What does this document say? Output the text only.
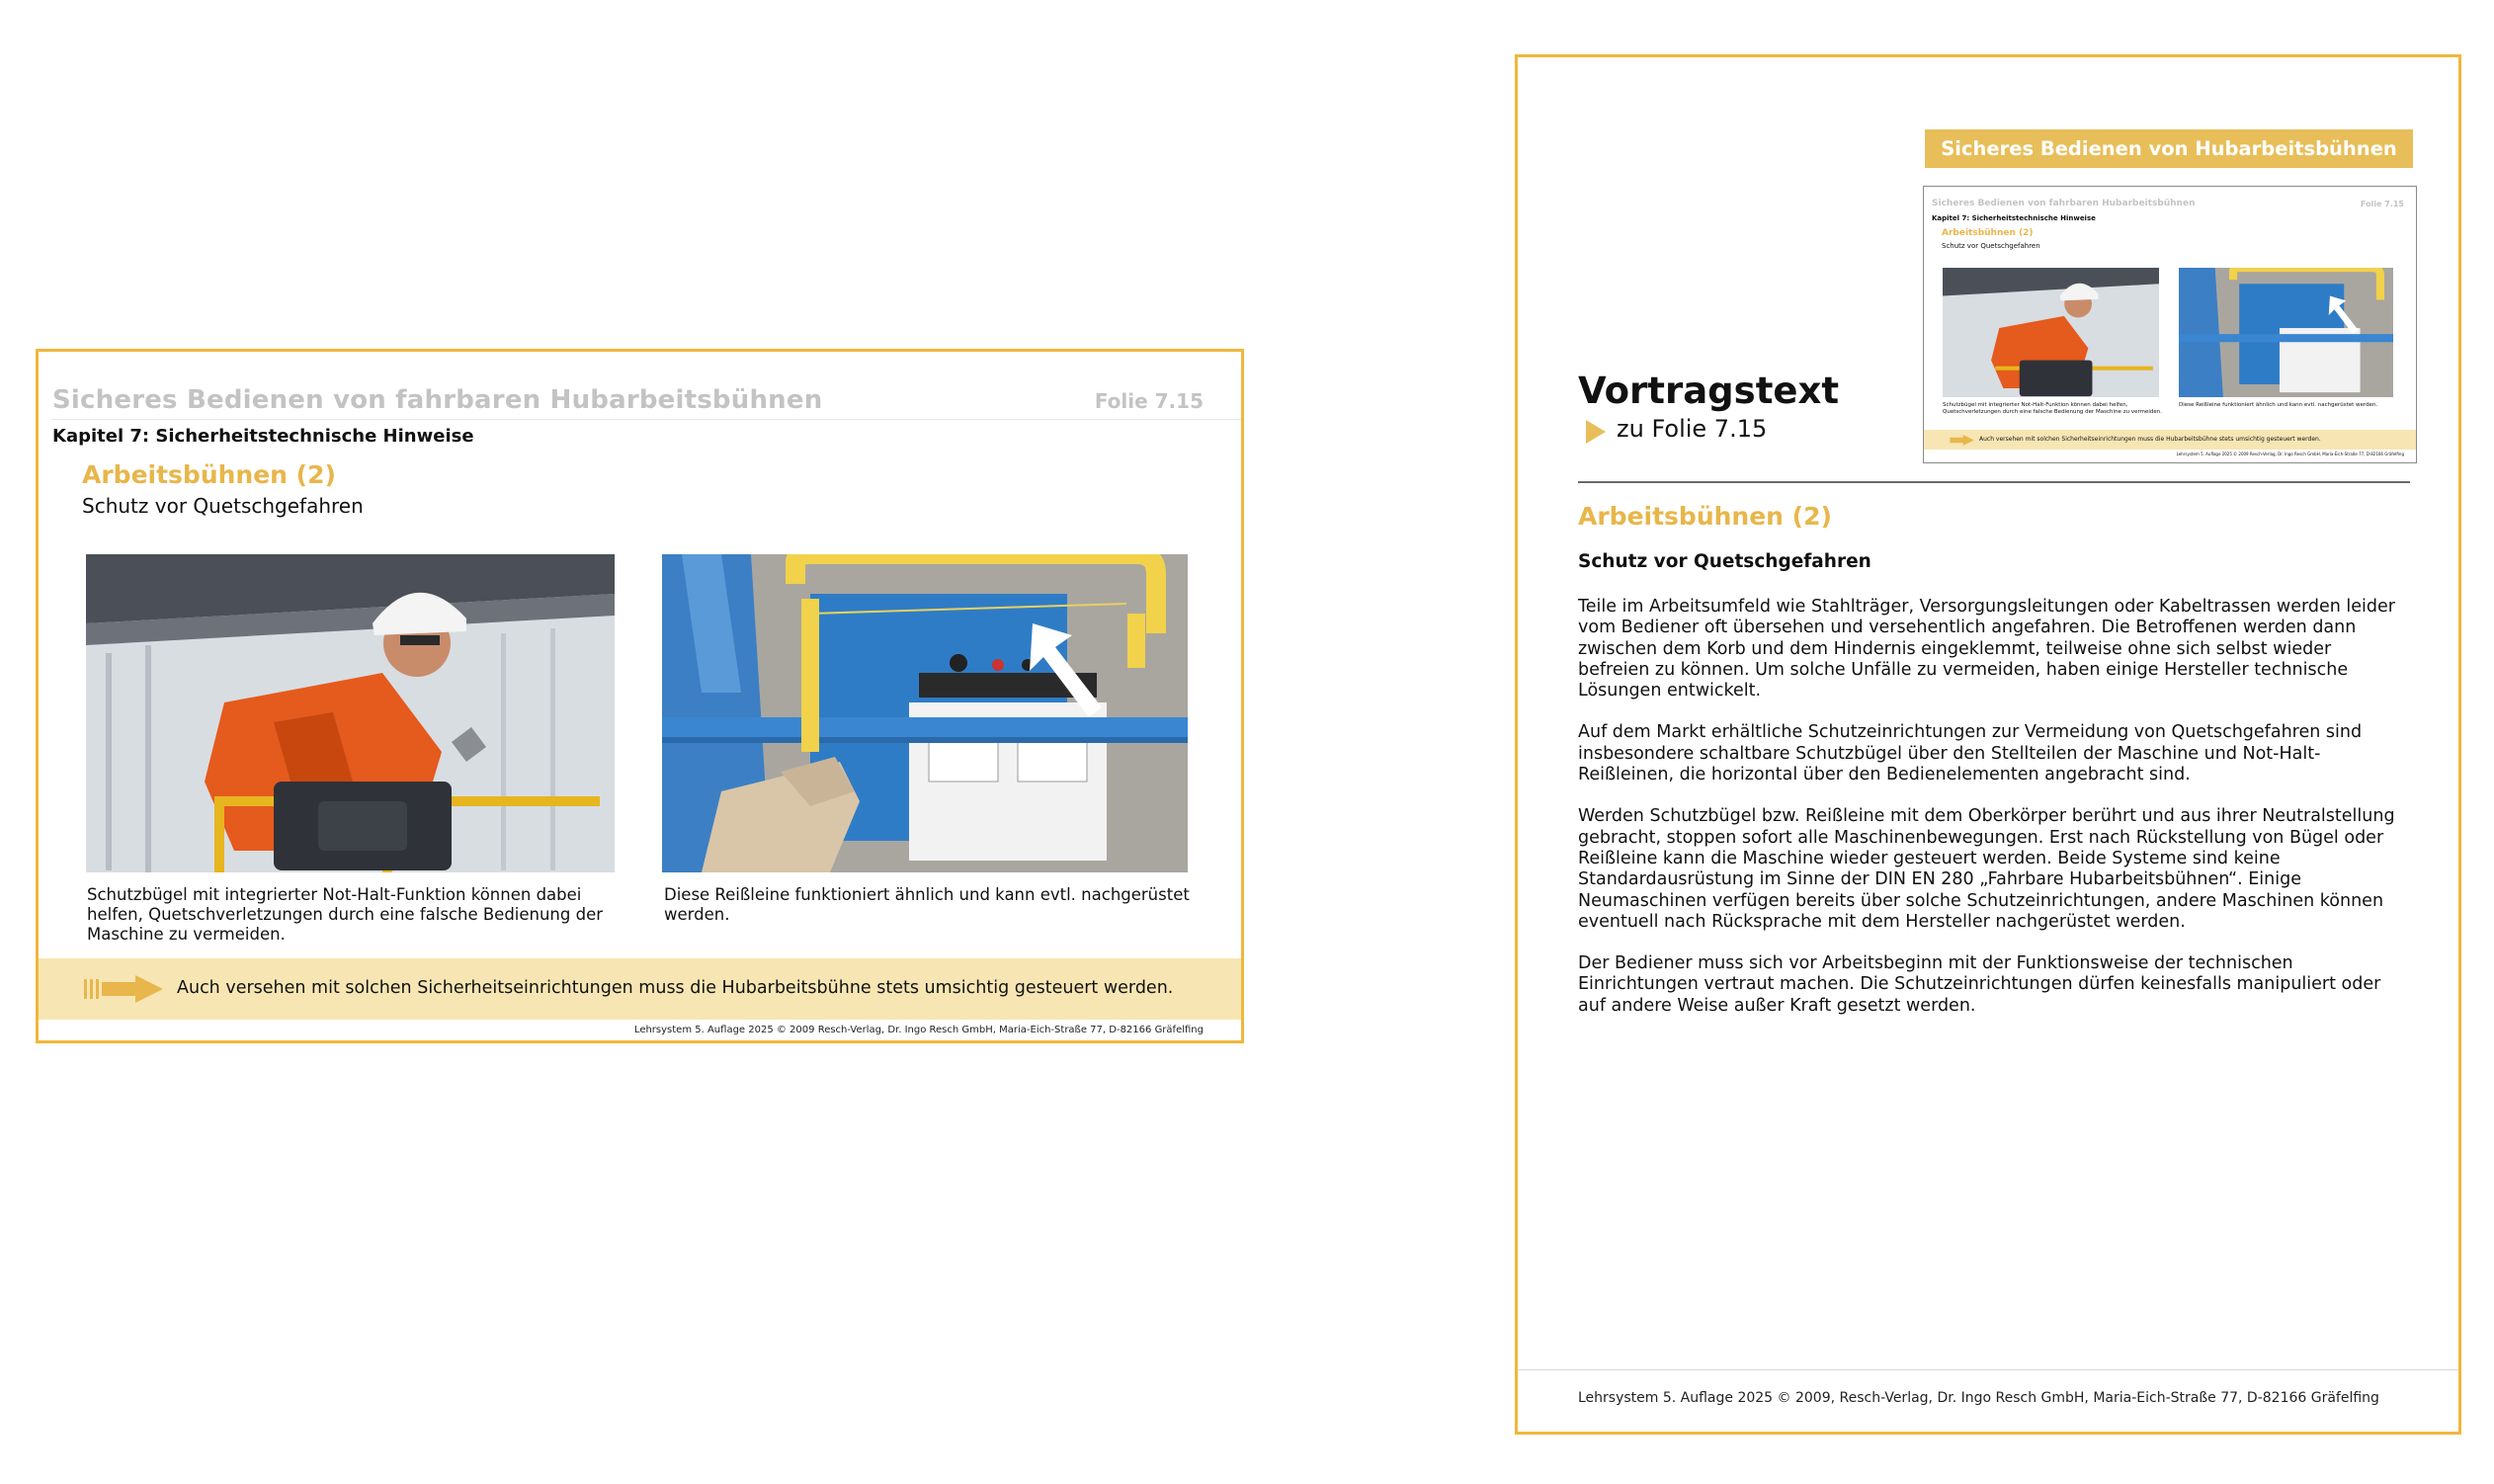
Sicheres Bedienen von fahrbaren Hubarbeitsbühnen	Folie 7.15
Kapitel 7: Sicherheitstechnische Hinweise
Arbeitsbühnen (2)
Schutz vor Quetschgefahren
Schutzbügel mit integrierter Not-Halt-Funktion können dabei helfen, Quetschverletzungen durch eine falsche Bedienung der Maschine zu vermeiden.
Diese Reißleine funktioniert ähnlich und kann evtl. nachgerüstet werden.
Auch versehen mit solchen Sicherheitseinrichtungen muss die Hubarbeitsbühne stets umsichtig gesteuert werden.
Lehrsystem 5. Auflage 2025 © 2009 Resch-Verlag, Dr. Ingo Resch GmbH, Maria-Eich-Straße 77, D-82166 Gräfelfing
Sicheres Bedienen von Hubarbeitsbühnen
Sicheres Bedienen von fahrbaren Hubarbeitsbühnen	Folie 7.15
Kapitel 7: Sicherheitstechnische Hinweise
Arbeitsbühnen (2)
Schutz vor Quetschgefahren
Schutzbügel mit integrierter Not-Halt-Funktion können dabei helfen, Quetschverletzungen durch eine falsche Bedienung der Maschine zu vermeiden.
Diese Reißleine funktioniert ähnlich und kann evtl. nachgerüstet werden.
Auch versehen mit solchen Sicherheitseinrichtungen muss die Hubarbeitsbühne stets umsichtig gesteuert werden.
Lehrsystem 5. Auflage 2025 © 2009 Resch-Verlag, Dr. Ingo Resch GmbH, Maria-Eich-Straße 77, D-82166 Gräfelfing
Vortragstext
zu Folie 7.15
Arbeitsbühnen (2)
Schutz vor Quetschgefahren

Teile im Arbeitsumfeld wie Stahlträger, Versorgungsleitungen oder Kabeltrassen werden leider vom Bediener oft übersehen und versehentlich angefahren. Die Betroffenen werden dann zwischen dem Korb und dem Hindernis eingeklemmt, teilweise ohne sich selbst wieder befreien zu können. Um solche Unfälle zu vermeiden, haben einige Hersteller technische Lösungen entwickelt.

Auf dem Markt erhältliche Schutzeinrichtungen zur Vermeidung von Quetschgefahren sind insbesondere schaltbare Schutzbügel über den Stellteilen der Maschine und Not-Halt-Reißleinen, die horizontal über den Bedienelementen angebracht sind.

Werden Schutzbügel bzw. Reißleine mit dem Oberkörper berührt und aus ihrer Neutralstellung gebracht, stoppen sofort alle Maschinenbewegungen. Erst nach Rückstellung von Bügel oder Reißleine kann die Maschine wieder gesteuert werden. Beide Systeme sind keine Standardausrüstung im Sinne der DIN EN 280 „Fahrbare Hubarbeitsbühnen“. Einige Neumaschinen verfügen bereits über solche Schutzeinrichtungen, andere Maschinen können eventuell nach Rücksprache mit dem Hersteller nachgerüstet werden.

Der Bediener muss sich vor Arbeitsbeginn mit der Funktionsweise der technischen Einrichtungen vertraut machen. Die Schutzeinrichtungen dürfen keinesfalls manipuliert oder auf andere Weise außer Kraft gesetzt werden.

Lehrsystem 5. Auflage 2025 © 2009, Resch-Verlag, Dr. Ingo Resch GmbH, Maria-Eich-Straße 77, D-82166 Gräfelfing
